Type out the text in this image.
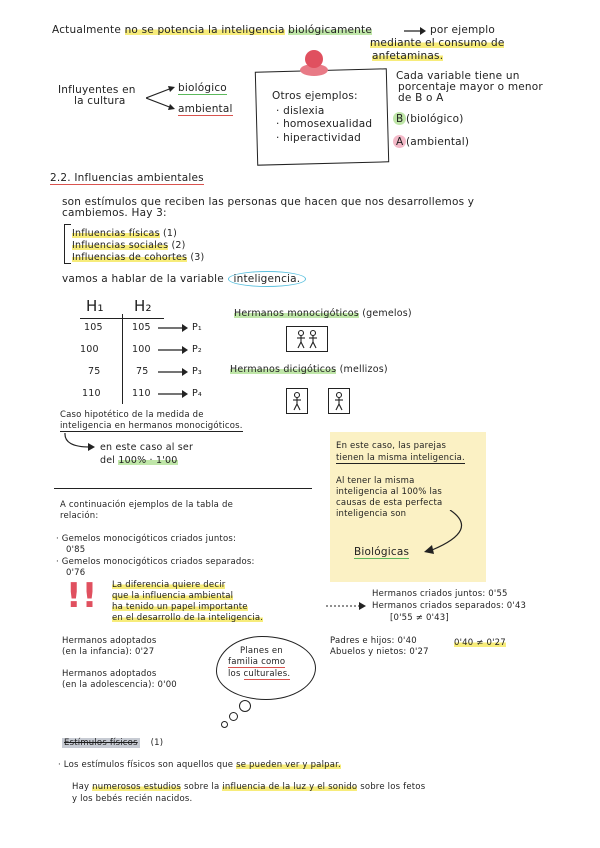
Actualmente no se potencia la inteligencia biológicamente	por ejemplo
mediante el consumo de
anfetaminas.
Influyentes en
la cultura
biológico
ambiental
Otros ejemplos:
· dislexia
· homosexualidad
· hiperactividad
Cada variable tiene un
porcentaje mayor o menor
de B o A
B (biológico)
A (ambiental)
2.2. Influencias ambientales
son estímulos que reciben las personas que hacen que nos desarrollemos y
cambiemos. Hay 3:
Influencias físicas (1)
Influencias sociales (2)
Influencias de cohortes (3)
vamos a hablar de la variable inteligencia.
H₁ H₂
105	105	P₁
100	100	P₂
75	75	P₃
110	110	P₄
Hermanos monocigóticos (gemelos)
Hermanos dicigóticos (mellizos)
Caso hipotético de la medida de
inteligencia en hermanos monocigóticos.
en este caso al ser
del 100% · 1'00
En este caso, las parejas
tienen la misma inteligencia.
Al tener la misma
inteligencia al 100% las
causas de esta perfecta
inteligencia son
Biológicas
A continuación ejemplos de la tabla de
relación:
· Gemelos monocigóticos criados juntos:
0'85
· Gemelos monocigóticos criados separados:
0'76
!! La diferencia quiere decir
que la influencia ambiental
ha tenido un papel importante
en el desarrollo de la inteligencia.
Hermanos criados juntos: 0'55
Hermanos criados separados: 0'43
[0'55 ≠ 0'43]
Hermanos adoptados
(en la infancia): 0'27
Hermanos adoptados
(en la adolescencia): 0'00
Planes en
familia como
los culturales.
Padres e hijos: 0'40
Abuelos y nietos: 0'27
0'40 ≠ 0'27
Estímulos físicos (1)
· Los estímulos físicos son aquellos que se pueden ver y palpar.
Hay numerosos estudios sobre la influencia de la luz y el sonido sobre los fetos
y los bebés recién nacidos.
